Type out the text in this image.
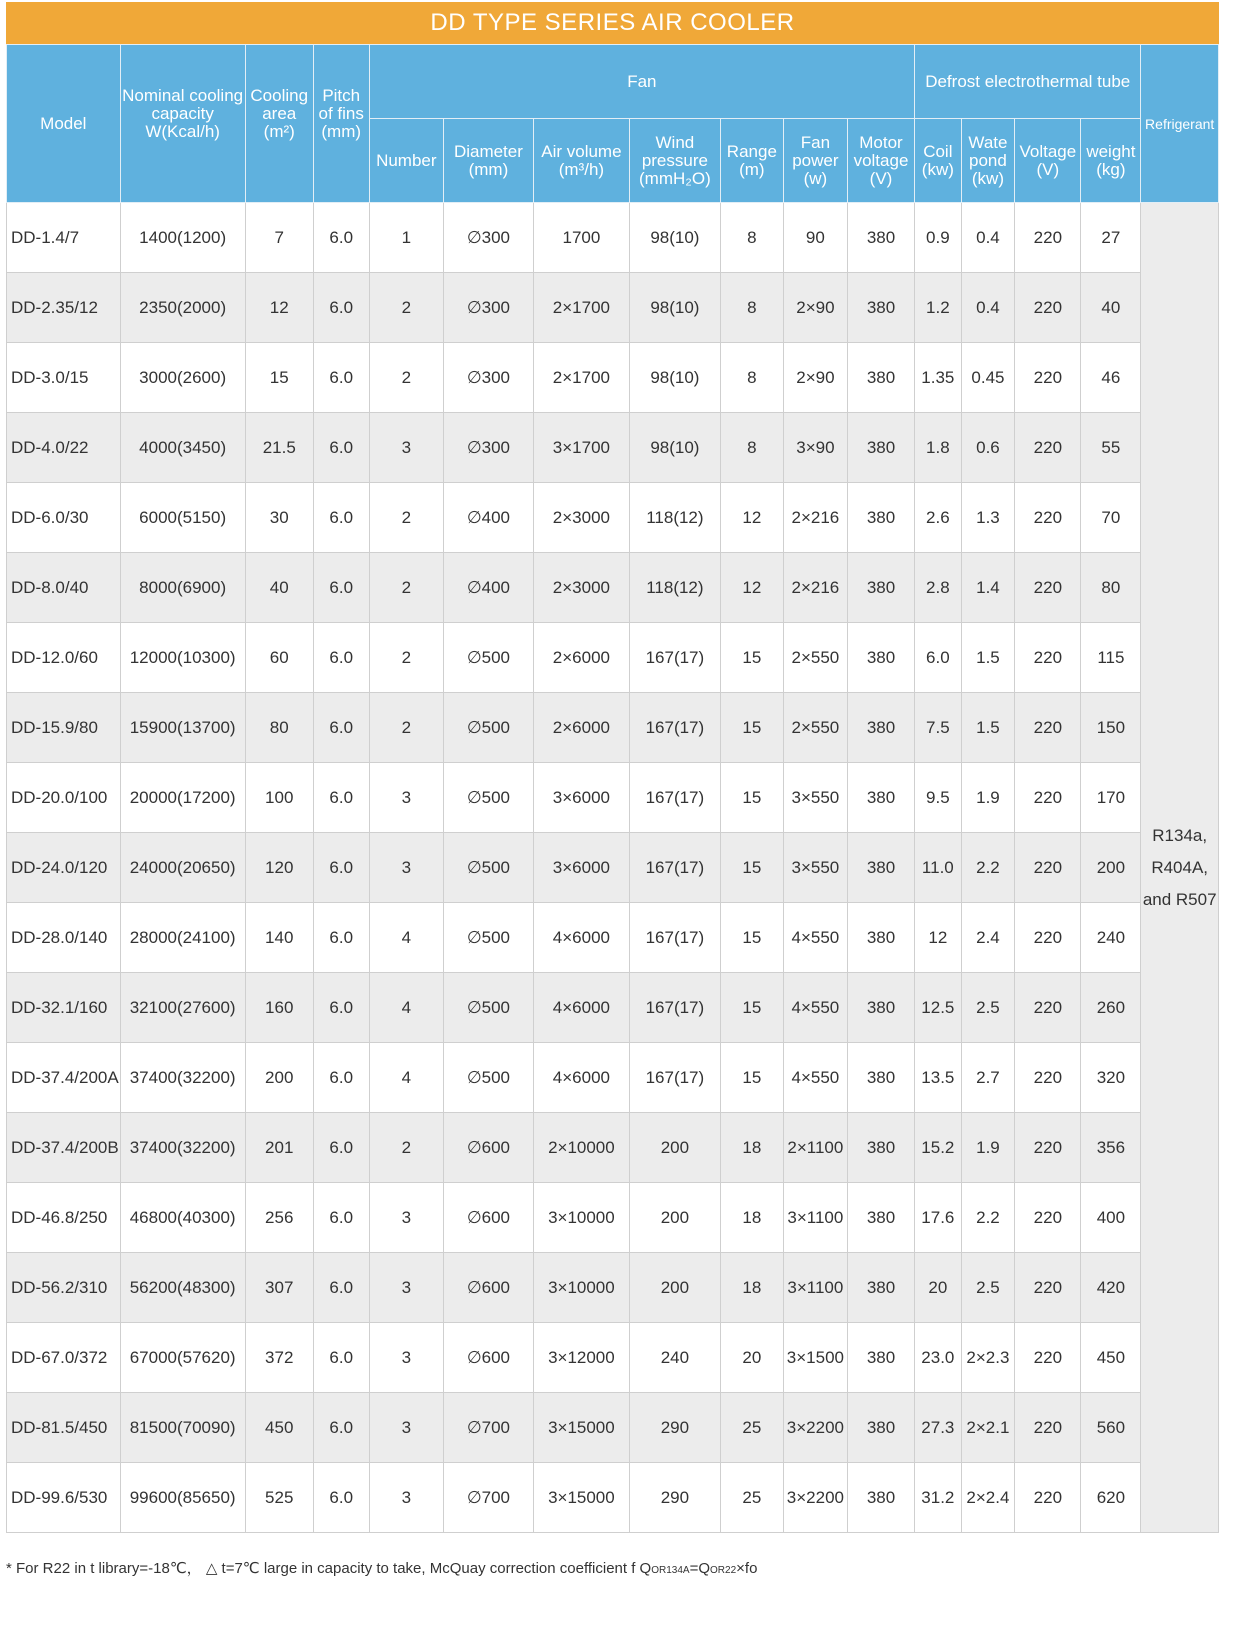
DD TYPE SERIES AIR COOLER
Model	Nominal cooling capacity W(Kcal/h)	Cooling area (m²)	Pitch of fins (mm)	Fan							Defrost electrothermal tube				Refrigerant
				Number	Diameter (mm)	Air volume (m³/h)	Wind pressure (mmH₂O)	Range (m)	Fan power (w)	Motor voltage (V)	Coil (kw)	Wate pond (kw)	Voltage (V)	weight (kg)	
DD-1.4/7	1400(1200)	7	6.0	1	∅300	1700	98(10)	8	90	380	0.9	0.4	220	27	R134a, R404A, and R507
DD-2.35/12	2350(2000)	12	6.0	2	∅300	2×1700	98(10)	8	2×90	380	1.2	0.4	220	40	
DD-3.0/15	3000(2600)	15	6.0	2	∅300	2×1700	98(10)	8	2×90	380	1.35	0.45	220	46	
DD-4.0/22	4000(3450)	21.5	6.0	3	∅300	3×1700	98(10)	8	3×90	380	1.8	0.6	220	55	
DD-6.0/30	6000(5150)	30	6.0	2	∅400	2×3000	118(12)	12	2×216	380	2.6	1.3	220	70	
DD-8.0/40	8000(6900)	40	6.0	2	∅400	2×3000	118(12)	12	2×216	380	2.8	1.4	220	80	
DD-12.0/60	12000(10300)	60	6.0	2	∅500	2×6000	167(17)	15	2×550	380	6.0	1.5	220	115	
DD-15.9/80	15900(13700)	80	6.0	2	∅500	2×6000	167(17)	15	2×550	380	7.5	1.5	220	150	
DD-20.0/100	20000(17200)	100	6.0	3	∅500	3×6000	167(17)	15	3×550	380	9.5	1.9	220	170	
DD-24.0/120	24000(20650)	120	6.0	3	∅500	3×6000	167(17)	15	3×550	380	11.0	2.2	220	200	
DD-28.0/140	28000(24100)	140	6.0	4	∅500	4×6000	167(17)	15	4×550	380	12	2.4	220	240	
DD-32.1/160	32100(27600)	160	6.0	4	∅500	4×6000	167(17)	15	4×550	380	12.5	2.5	220	260	
DD-37.4/200A	37400(32200)	200	6.0	4	∅500	4×6000	167(17)	15	4×550	380	13.5	2.7	220	320	
DD-37.4/200B	37400(32200)	201	6.0	2	∅600	2×10000	200	18	2×1100	380	15.2	1.9	220	356	
DD-46.8/250	46800(40300)	256	6.0	3	∅600	3×10000	200	18	3×1100	380	17.6	2.2	220	400	
DD-56.2/310	56200(48300)	307	6.0	3	∅600	3×10000	200	18	3×1100	380	20	2.5	220	420	
DD-67.0/372	67000(57620)	372	6.0	3	∅600	3×12000	240	20	3×1500	380	23.0	2×2.3	220	450	
DD-81.5/450	81500(70090)	450	6.0	3	∅700	3×15000	290	25	3×2200	380	27.3	2×2.1	220	560	
DD-99.6/530	99600(85650)	525	6.0	3	∅700	3×15000	290	25	3×2200	380	31.2	2×2.4	220	620	
* For R22 in t library=-18℃， △ t=7℃ large in capacity to take, McQuay correction coefficient f QOR134A=QOR22×fo
